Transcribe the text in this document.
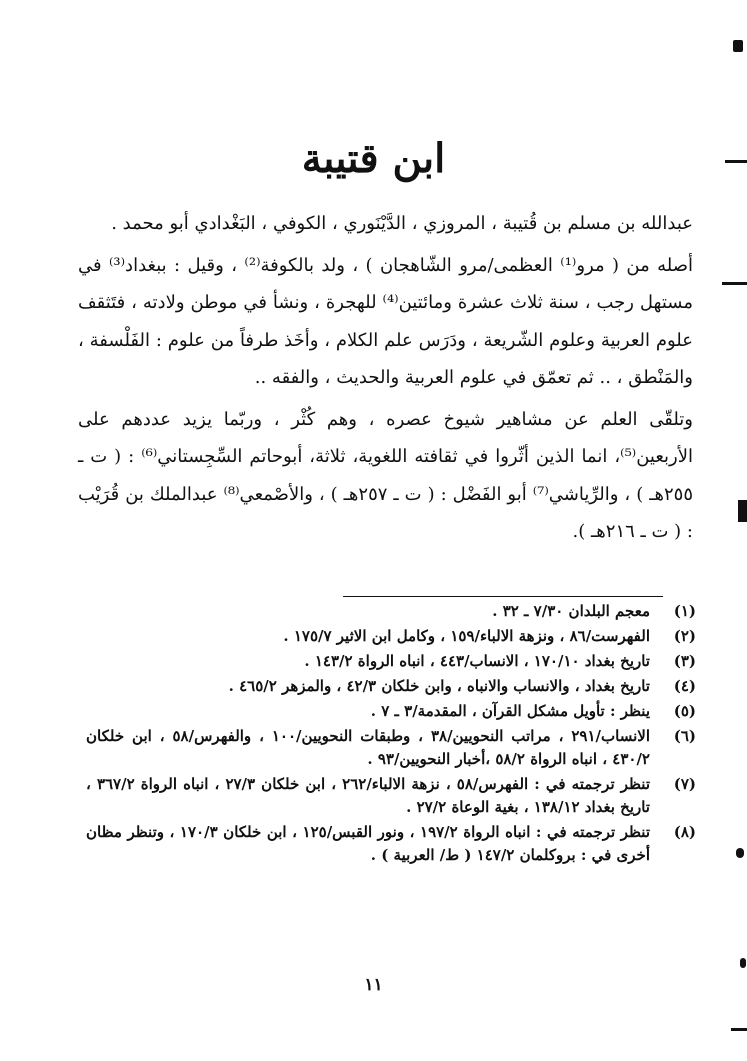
ابن قتيبة

عبدالله بن مسلم بن قُتيبة ، المروزي ، الدَّيْنَوري ، الكوفي ، البَغْدادي أبو محمد .

أصله من ( مرو⁽¹⁾ العظمى/مرو الشّاهجان ) ، ولد بالكوفة⁽²⁾ ، وقيل : ببغداد⁽³⁾ في مستهل رجب ، سنة ثلاث عشرة ومائتين⁽⁴⁾ للهجرة ، ونشأ في موطن ولادته ، فتَثقف علوم العربية وعلوم الشّريعة ، ودَرَس علم الكلام ، وأخَذ طرفاً من علوم : الفَلْسفة ، والمَنْطق ، .. ثم تعمّق في علوم العربية والحديث ، والفقه ..

وتلقّى العلم عن مشاهير شيوخ عصره ، وهم كُثْر ، وربّما يزيد عددهم على الأربعين⁽⁵⁾، انما الذين أثّروا في ثقافته اللغوية، ثلاثة، أبوحاتم السِّجِستاني⁽⁶⁾ : ( ت ـ ٢٥٥هـ ) ، والرِّياشي⁽⁷⁾ أبو الفَضْل : ( ت ـ ٢٥٧هـ ) ، والأصْمعي⁽⁸⁾ عبدالملك بن قُرَيْب : ( ت ـ ٢١٦هـ ).

(١)
معجم البلدان ٧/٣٠ ـ ٣٢ .
(٢)
الفهرست/٨٦ ، ونزهة الالباء/١٥٩ ، وكامل ابن الاثير ١٧٥/٧ .
(٣)
تاريخ بغداد ١٧٠/١٠ ، الانساب/٤٤٣ ، انباه الرواة ١٤٣/٢ .
(٤)
تاريخ بغداد ، والانساب والانباه ، وابن خلكان ٤٢/٣ ، والمزهر ٤٦٥/٢ .
(٥)
ينظر : تأويل مشكل القرآن ، المقدمة/٣ ـ ٧ .
(٦)
الانساب/٢٩١ ، مراتب النحويين/٣٨ ، وطبقات النحويين/١٠٠ ، والفهرس/٥٨ ، ابن خلكان ٤٣٠/٢ ، انباه الرواة ٥٨/٢ ،أخبار النحويين/٩٣ .
(٧)
تنظر ترجمته في : الفهرس/٥٨ ، نزهة الالباء/٢٦٢ ، ابن خلكان ٢٧/٣ ، انباه الرواة ٣٦٧/٢ ، تاريخ بغداد ١٣٨/١٢ ، بغية الوعاة ٢٧/٢ .
(٨)
تنظر ترجمته في : انباه الرواة ١٩٧/٢ ، ونور القبس/١٢٥ ، ابن خلكان ١٧٠/٣ ، وتنظر مظان أخرى في : بروكلمان ١٤٧/٢ ( ط/ العربية ) .
١١
